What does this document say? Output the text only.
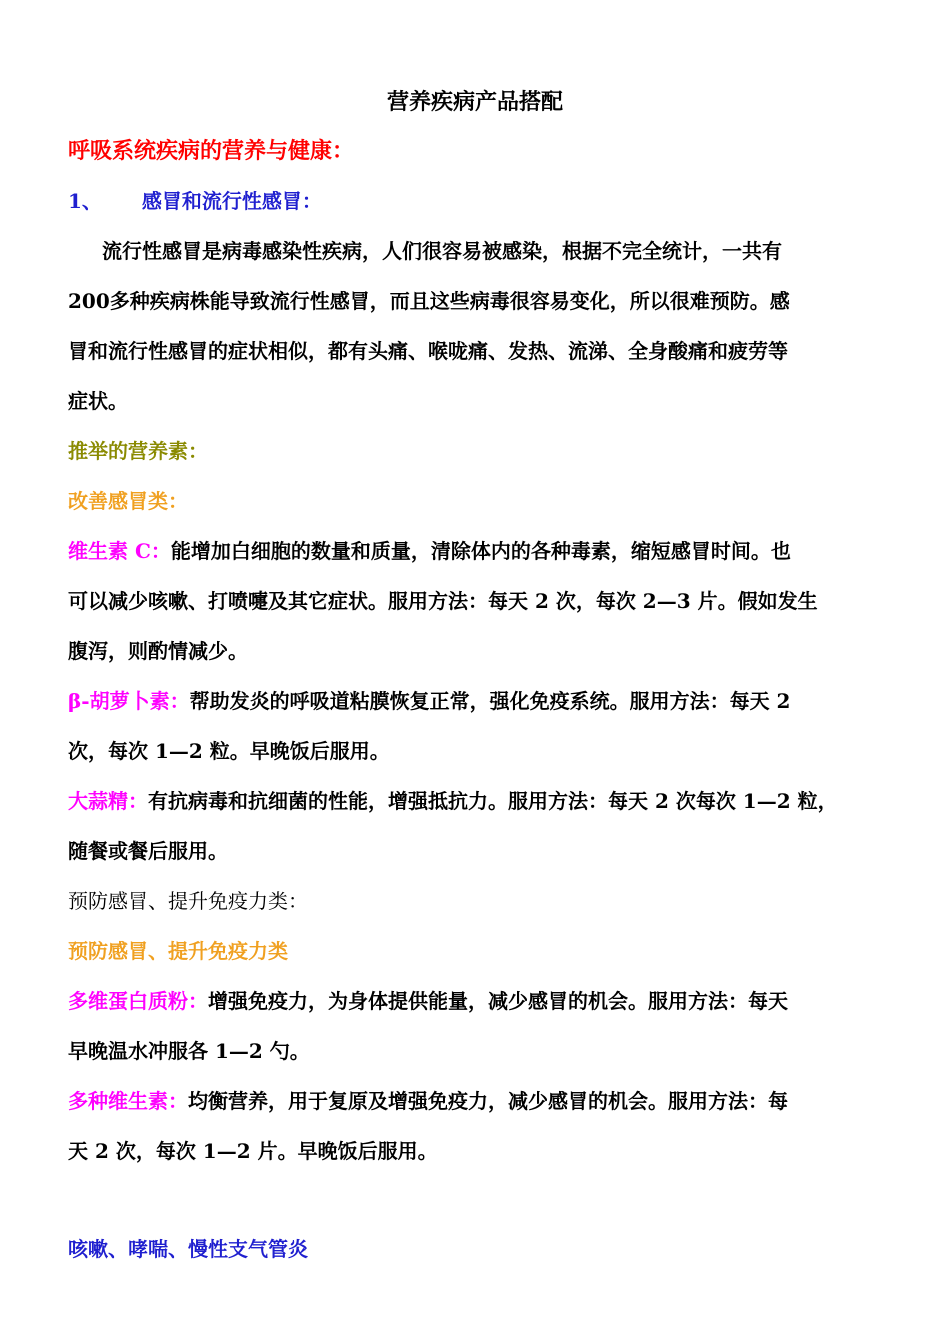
营养疾病产品搭配
呼吸系统疾病的营养与健康：
1、 感冒和流行性感冒：
流行性感冒是病毒感染性疾病，人们很容易被感染，根据不完全统计，一共有
200多种疾病株能导致流行性感冒，而且这些病毒很容易变化，所以很难预防。感
冒和流行性感冒的症状相似，都有头痛、喉咙痛、发热、流涕、全身酸痛和疲劳等
症状。
推举的营养素：
改善感冒类：
维生素 C：能增加白细胞的数量和质量，清除体内的各种毒素，缩短感冒时间。也
可以减少咳嗽、打喷嚏及其它症状。服用方法：每天 2 次，每次 2—3 片。假如发生
腹泻，则酌情减少。
β-胡萝卜素：帮助发炎的呼吸道粘膜恢复正常，强化免疫系统。服用方法：每天 2
次，每次 1—2 粒。早晚饭后服用。
大蒜精：有抗病毒和抗细菌的性能，增强抵抗力。服用方法：每天 2 次每次 1—2 粒，
随餐或餐后服用。
预防感冒、提升免疫力类：
预防感冒、提升免疫力类
多维蛋白质粉：增强免疫力，为身体提供能量，减少感冒的机会。服用方法：每天
早晚温水冲服各 1—2 勺。
多种维生素：均衡营养，用于复原及增强免疫力，减少感冒的机会。服用方法：每
天 2 次，每次 1—2 片。早晚饭后服用。
咳嗽、哮喘、慢性支气管炎
